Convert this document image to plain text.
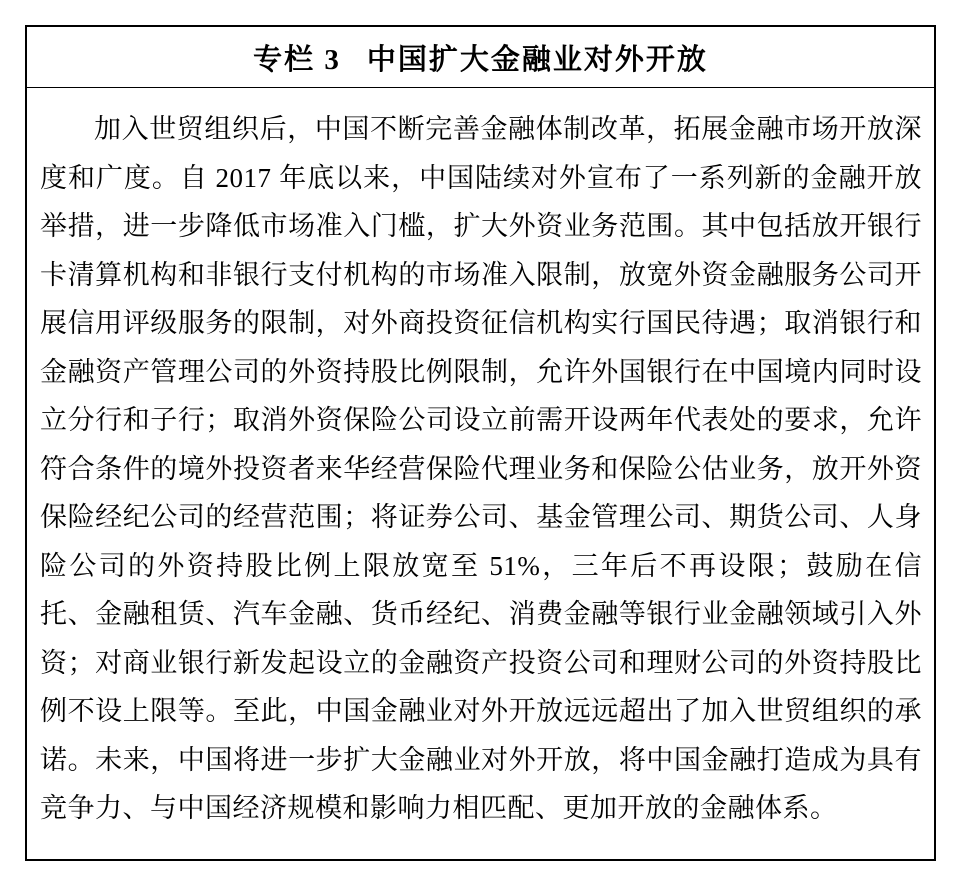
专栏 3 中国扩大金融业对外开放

加入世贸组织后，中国不断完善金融体制改革，拓展金融市场开放深度和广度。自 2017 年底以来，中国陆续对外宣布了一系列新的金融开放举措，进一步降低市场准入门槛，扩大外资业务范围。其中包括放开银行卡清算机构和非银行支付机构的市场准入限制，放宽外资金融服务公司开展信用评级服务的限制，对外商投资征信机构实行国民待遇；取消银行和金融资产管理公司的外资持股比例限制，允许外国银行在中国境内同时设立分行和子行；取消外资保险公司设立前需开设两年代表处的要求，允许符合条件的境外投资者来华经营保险代理业务和保险公估业务，放开外资保险经纪公司的经营范围；将证券公司、基金管理公司、期货公司、人身险公司的外资持股比例上限放宽至 51%，三年后不再设限；鼓励在信托、金融租赁、汽车金融、货币经纪、消费金融等银行业金融领域引入外资；对商业银行新发起设立的金融资产投资公司和理财公司的外资持股比例不设上限等。至此，中国金融业对外开放远远超出了加入世贸组织的承诺。未来，中国将进一步扩大金融业对外开放，将中国金融打造成为具有竞争力、与中国经济规模和影响力相匹配、更加开放的金融体系。
